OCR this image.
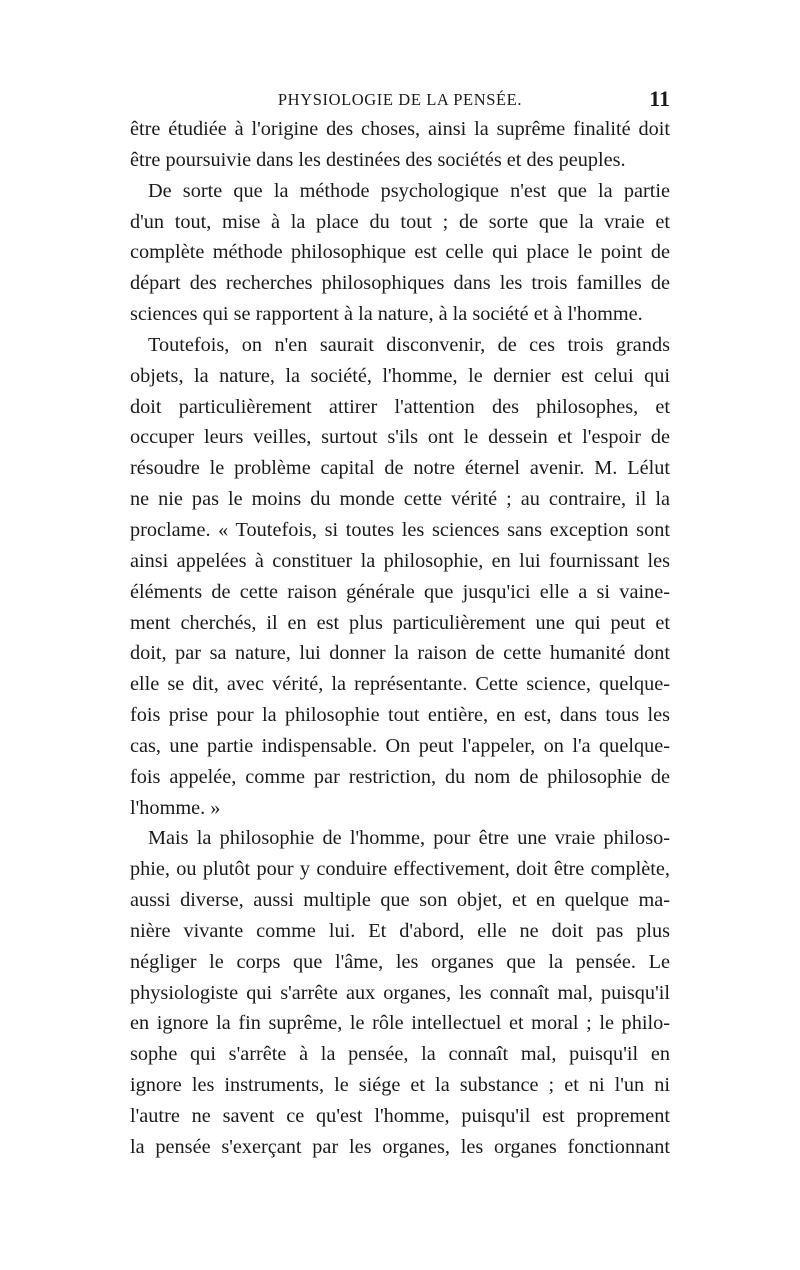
PHYSIOLOGIE DE LA PENSÉE.	11
être étudiée à l'origine des choses, ainsi la suprême finalité doit
être poursuivie dans les destinées des sociétés et des peuples.
De sorte que la méthode psychologique n'est que la partie
d'un tout, mise à la place du tout ; de sorte que la vraie et
complète méthode philosophique est celle qui place le point de
départ des recherches philosophiques dans les trois familles de
sciences qui se rapportent à la nature, à la société et à l'homme.
Toutefois, on n'en saurait disconvenir, de ces trois grands
objets, la nature, la société, l'homme, le dernier est celui qui
doit particulièrement attirer l'attention des philosophes, et
occuper leurs veilles, surtout s'ils ont le dessein et l'espoir de
résoudre le problème capital de notre éternel avenir. M. Lélut
ne nie pas le moins du monde cette vérité ; au contraire, il la
proclame. « Toutefois, si toutes les sciences sans exception sont
ainsi appelées à constituer la philosophie, en lui fournissant les
éléments de cette raison générale que jusqu'ici elle a si vaine-
ment cherchés, il en est plus particulièrement une qui peut et
doit, par sa nature, lui donner la raison de cette humanité dont
elle se dit, avec vérité, la représentante. Cette science, quelque-
fois prise pour la philosophie tout entière, en est, dans tous les
cas, une partie indispensable. On peut l'appeler, on l'a quelque-
fois appelée, comme par restriction, du nom de philosophie de
l'homme. »
Mais la philosophie de l'homme, pour être une vraie philoso-
phie, ou plutôt pour y conduire effectivement, doit être complète,
aussi diverse, aussi multiple que son objet, et en quelque ma-
nière vivante comme lui. Et d'abord, elle ne doit pas plus
négliger le corps que l'âme, les organes que la pensée. Le
physiologiste qui s'arrête aux organes, les connaît mal, puisqu'il
en ignore la fin suprême, le rôle intellectuel et moral ; le philo-
sophe qui s'arrête à la pensée, la connaît mal, puisqu'il en
ignore les instruments, le siége et la substance ; et ni l'un ni
l'autre ne savent ce qu'est l'homme, puisqu'il est proprement
la pensée s'exerçant par les organes, les organes fonctionnant
